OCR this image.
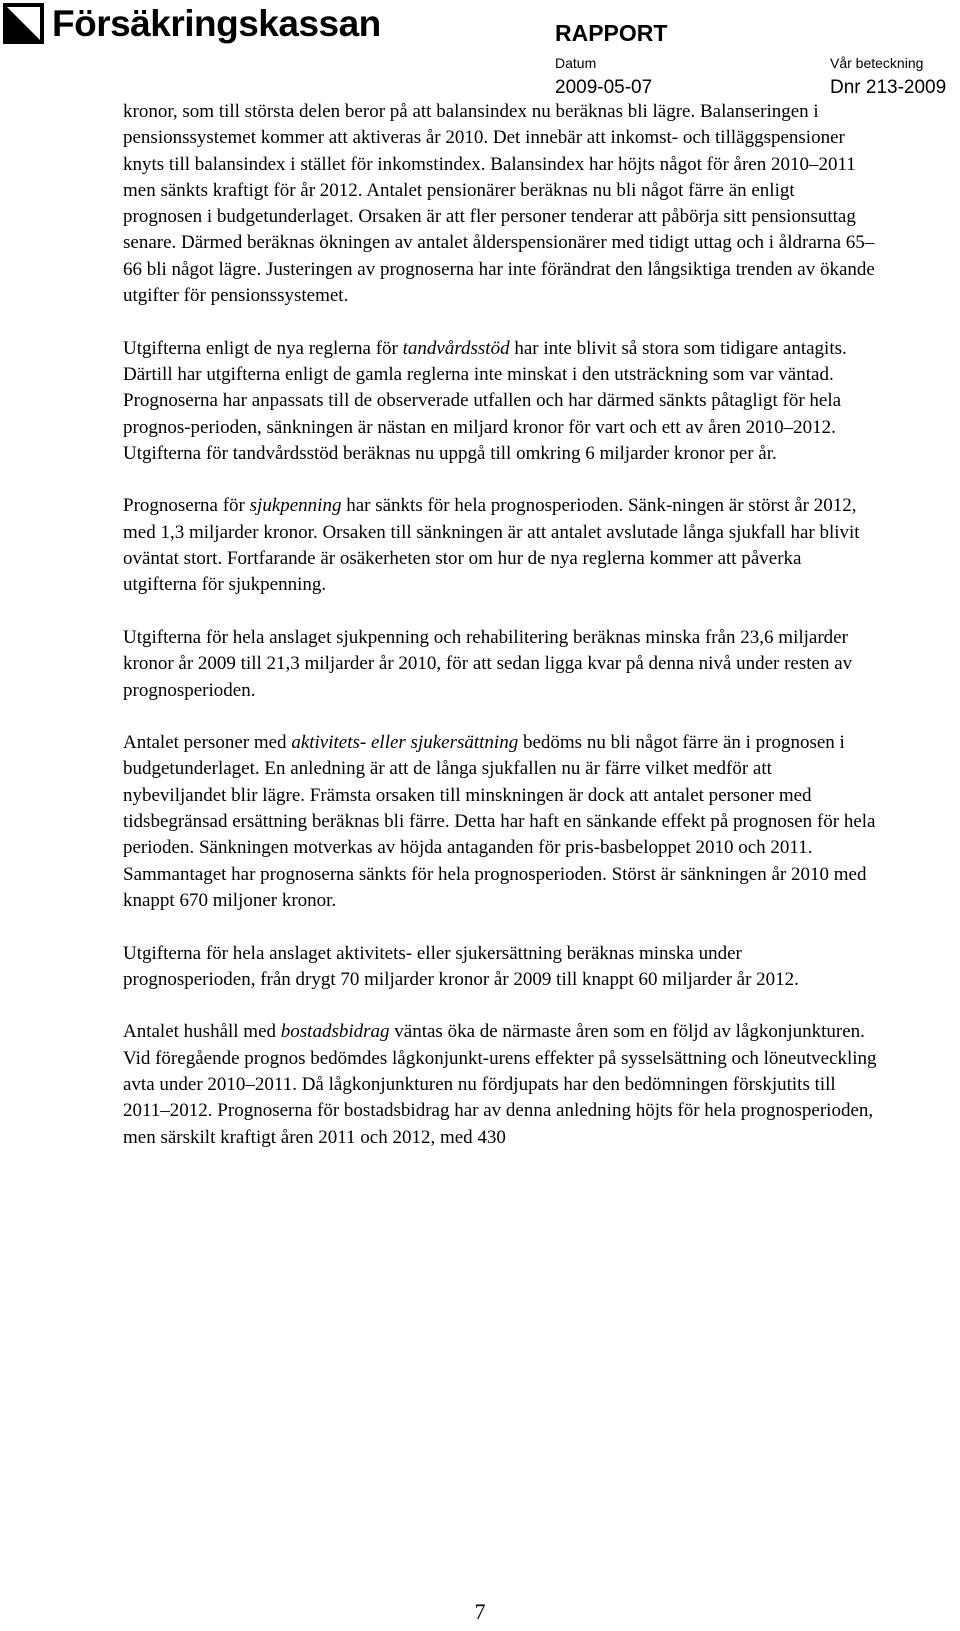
Försäkringskassan	RAPPORT
Datum	Vår beteckning
2009-05-07	Dnr 213-2009

kronor, som till största delen beror på att balansindex nu beräknas bli lägre. Balanseringen i pensionssystemet kommer att aktiveras år 2010. Det innebär att inkomst- och tilläggspensioner knyts till balansindex i stället för inkomstindex. Balansindex har höjts något för åren 2010–2011 men sänkts kraftigt för år 2012. Antalet pensionärer beräknas nu bli något färre än enligt prognosen i budgetunderlaget. Orsaken är att fler personer tenderar att påbörja sitt pensionsuttag senare. Därmed beräknas ökningen av antalet ålderspensionärer med tidigt uttag och i åldrarna 65–66 bli något lägre. Justeringen av prognoserna har inte förändrat den långsiktiga trenden av ökande utgifter för pensionssystemet.

Utgifterna enligt de nya reglerna för tandvårdsstöd har inte blivit så stora som tidigare antagits. Därtill har utgifterna enligt de gamla reglerna inte minskat i den utsträckning som var väntad. Prognoserna har anpassats till de observerade utfallen och har därmed sänkts påtagligt för hela prognos-perioden, sänkningen är nästan en miljard kronor för vart och ett av åren 2010–2012. Utgifterna för tandvårdsstöd beräknas nu uppgå till omkring 6 miljarder kronor per år.

Prognoserna för sjukpenning har sänkts för hela prognosperioden. Sänk-ningen är störst år 2012, med 1,3 miljarder kronor. Orsaken till sänkningen är att antalet avslutade långa sjukfall har blivit oväntat stort. Fortfarande är osäkerheten stor om hur de nya reglerna kommer att påverka utgifterna för sjukpenning.

Utgifterna för hela anslaget sjukpenning och rehabilitering beräknas minska från 23,6 miljarder kronor år 2009 till 21,3 miljarder år 2010, för att sedan ligga kvar på denna nivå under resten av prognosperioden.

Antalet personer med aktivitets- eller sjukersättning bedöms nu bli något färre än i prognosen i budgetunderlaget. En anledning är att de långa sjukfallen nu är färre vilket medför att nybeviljandet blir lägre. Främsta orsaken till minskningen är dock att antalet personer med tidsbegränsad ersättning beräknas bli färre. Detta har haft en sänkande effekt på prognosen för hela perioden. Sänkningen motverkas av höjda antaganden för pris-basbeloppet 2010 och 2011. Sammantaget har prognoserna sänkts för hela prognosperioden. Störst är sänkningen år 2010 med knappt 670 miljoner kronor.

Utgifterna för hela anslaget aktivitets- eller sjukersättning beräknas minska under prognosperioden, från drygt 70 miljarder kronor år 2009 till knappt 60 miljarder år 2012.

Antalet hushåll med bostadsbidrag väntas öka de närmaste åren som en följd av lågkonjunkturen. Vid föregående prognos bedömdes lågkonjunkt-urens effekter på sysselsättning och löneutveckling avta under 2010–2011. Då lågkonjunkturen nu fördjupats har den bedömningen förskjutits till 2011–2012. Prognoserna för bostadsbidrag har av denna anledning höjts för hela prognosperioden, men särskilt kraftigt åren 2011 och 2012, med 430

7
